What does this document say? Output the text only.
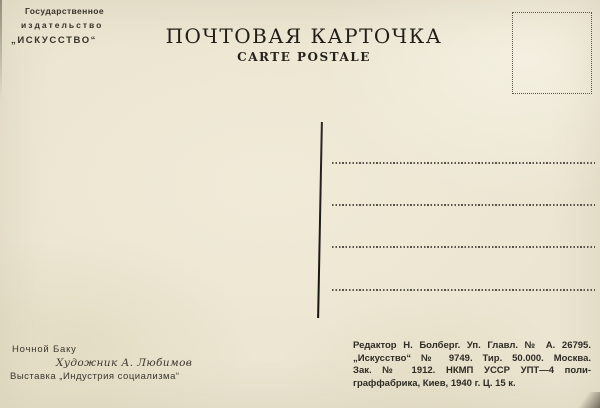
Государственное
издательство
„ИСКУССТВО“	ПОЧТОВАЯ КАРТОЧКА
CARTE POSTALE
Ночной Баку
Художник А. Любимов
Выставка „Индустрия социализма“
Редактор Н. Болберг. Уп. Главл. № А. 26795.
„Искусство“ № 9749. Тир. 50.000. Москва.
Зак. № 1912. НКМП УССР УПТ—4 поли-
граффабрика, Киев, 1940 г. Ц. 15 к.
